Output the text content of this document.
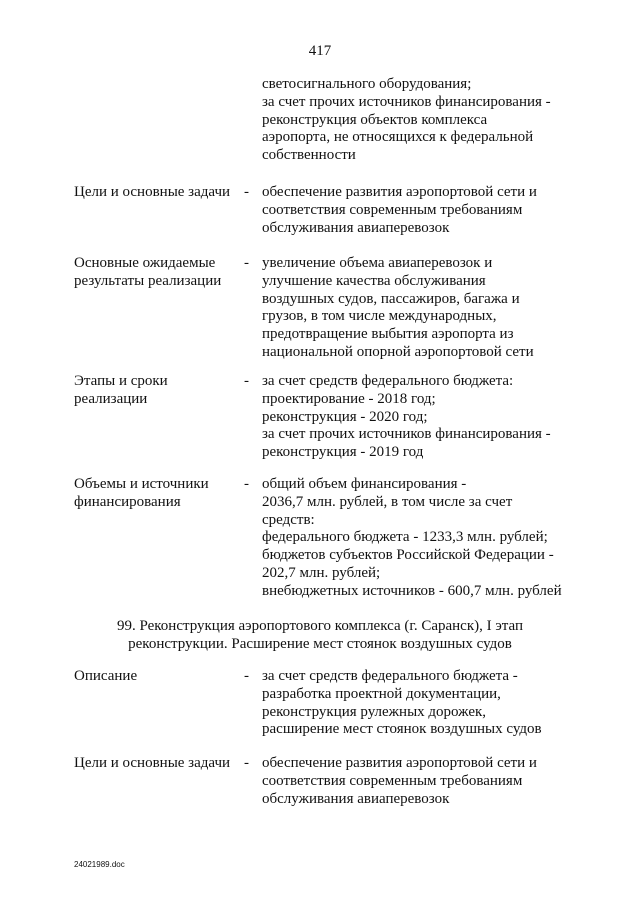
417
светосигнального оборудования;
за счет прочих источников финансирования -
реконструкция объектов комплекса
аэропорта, не относящихся к федеральной
собственности
Цели и основные задачи - обеспечение развития аэропортовой сети и
соответствия современным требованиям
обслуживания авиаперевозок
Основные ожидаемые
результаты реализации
- увеличение объема авиаперевозок и
улучшение качества обслуживания
воздушных судов, пассажиров, багажа и
грузов, в том числе международных,
предотвращение выбытия аэропорта из
национальной опорной аэропортовой сети
Этапы и сроки
реализации
- за счет средств федерального бюджета:
проектирование - 2018 год;
реконструкция - 2020 год;
за счет прочих источников финансирования -
реконструкция - 2019 год
Объемы и источники
финансирования
- общий объем финансирования -
2036,7 млн. рублей, в том числе за счет
средств:
федерального бюджета - 1233,3 млн. рублей;
бюджетов субъектов Российской Федерации -
202,7 млн. рублей;
внебюджетных источников - 600,7 млн. рублей
99. Реконструкция аэропортового комплекса (г. Саранск), I этап
реконструкции. Расширение мест стоянок воздушных судов
Описание	- за счет средств федерального бюджета -
разработка проектной документации,
реконструкция рулежных дорожек,
расширение мест стоянок воздушных судов
Цели и основные задачи - обеспечение развития аэропортовой сети и
соответствия современным требованиям
обслуживания авиаперевозок
24021989.doc
